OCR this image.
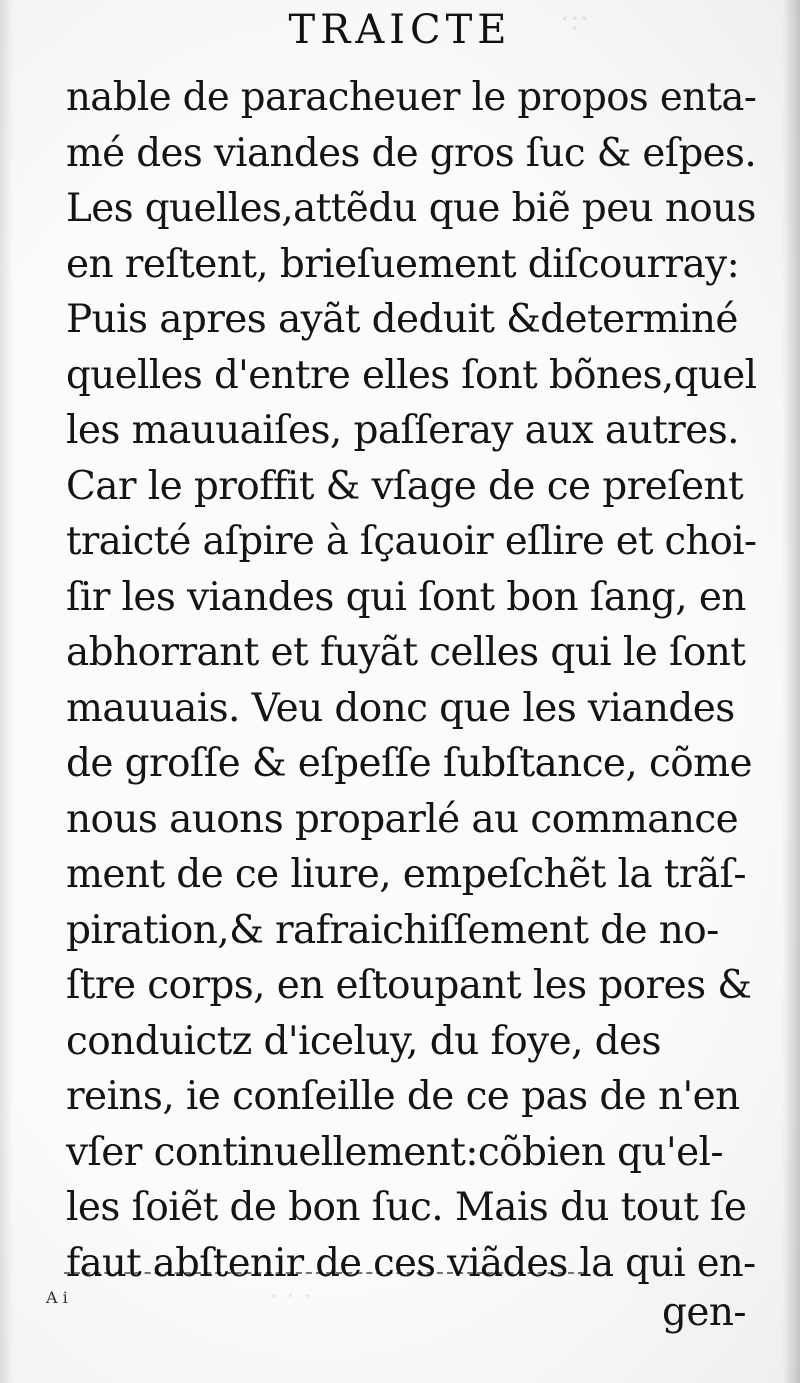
·:·
· · ·
TRAICTE
nable de paracheuer le propos enta-
mé des viandes de gros ſuc & eſpes.
Les quelles,attẽdu que biẽ peu nous
en reſtent, brieſuement diſcourray:
Puis apres ayãt deduit &determiné
quelles d'entre elles ſont bõnes,quel
les mauuaiſes, paſſeray aux autres.
Car le proffit & vſage de ce preſent
traicté aſpire à ſçauoir eſlire et choi-
ſir les viandes qui ſont bon ſang, en
abhorrant et fuyãt celles qui le ſont
mauuais. Veu donc que les viandes
de groſſe & eſpeſſe ſubſtance, cõme
nous auons proparlé au commance
ment de ce liure, empeſchẽt la trãſ-
piration,& rafraichiſſement de no-
ſtre corps, en eſtoupant les pores &
conduictz d'iceluy, du foye, des
reins, ie conſeille de ce pas de n'en
vſer continuellement:cõbien qu'el-
les ſoiẽt de bon ſuc. Mais du tout ſe
faut abſtenir de ces viãdes la qui en-
A i	gen-
